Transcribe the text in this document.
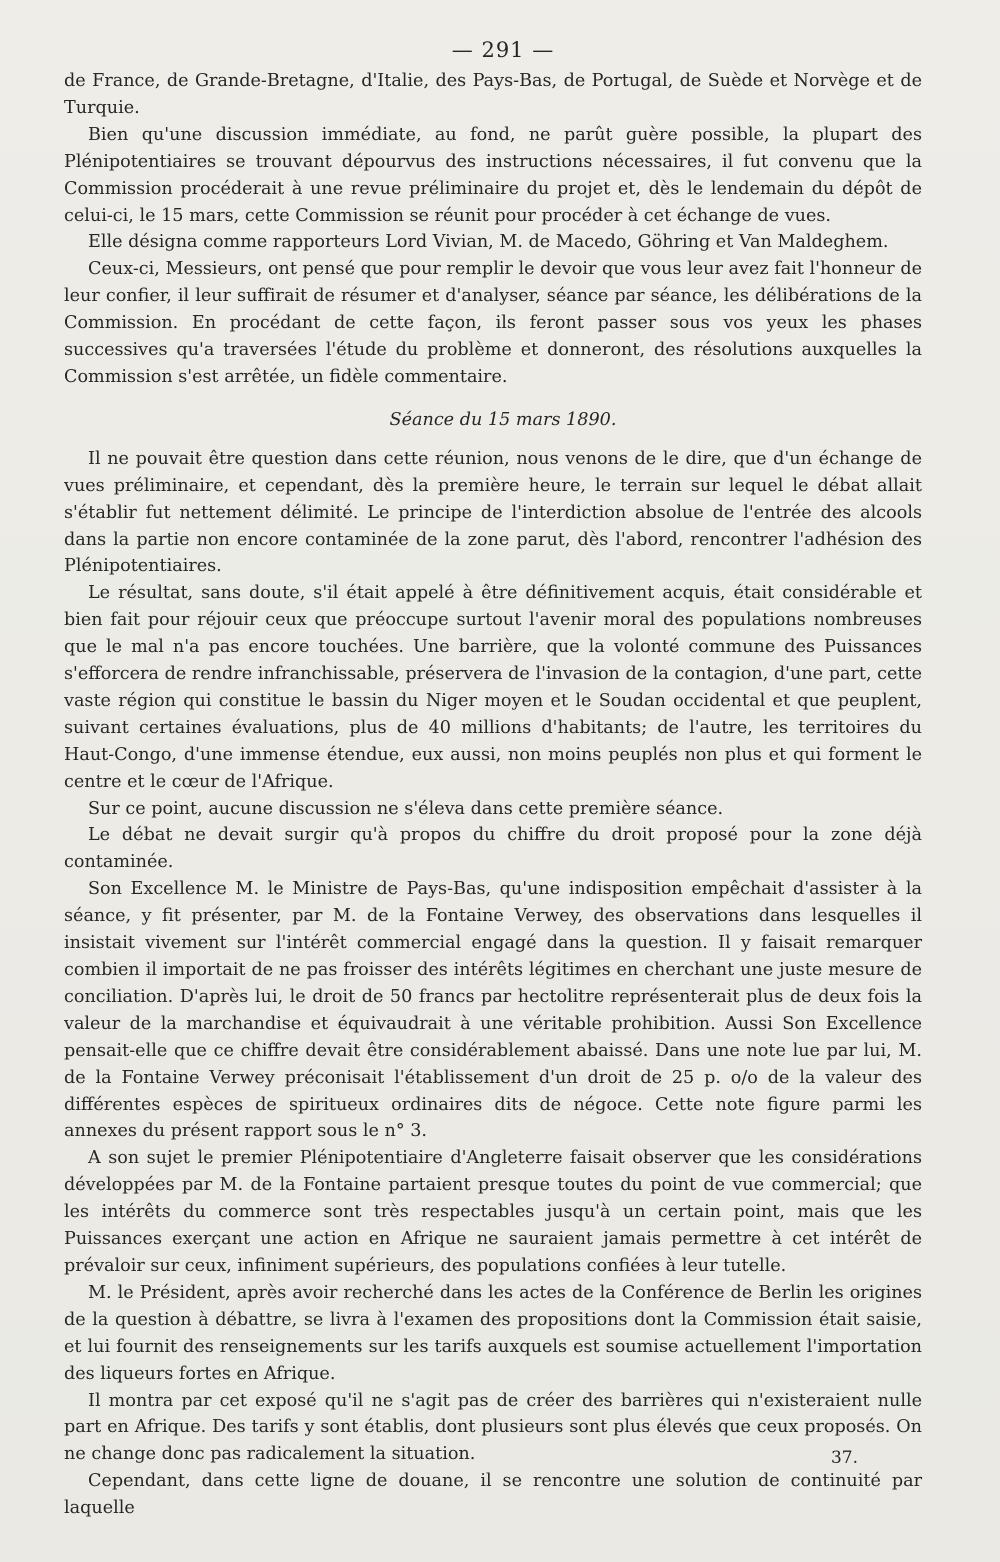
— 291 —

de France, de Grande-Bretagne, d'Italie, des Pays-Bas, de Portugal, de Suède et Norvège et de Turquie.

Bien qu'une discussion immédiate, au fond, ne parût guère possible, la plupart des Plénipotentiaires se trouvant dépourvus des instructions nécessaires, il fut convenu que la Commission procéderait à une revue préliminaire du projet et, dès le lendemain du dépôt de celui-ci, le 15 mars, cette Commission se réunit pour procéder à cet échange de vues.

Elle désigna comme rapporteurs Lord Vivian, M. de Macedo, Göhring et Van Maldeghem.

Ceux-ci, Messieurs, ont pensé que pour remplir le devoir que vous leur avez fait l'honneur de leur confier, il leur suffirait de résumer et d'analyser, séance par séance, les délibérations de la Commission. En procédant de cette façon, ils feront passer sous vos yeux les phases successives qu'a traversées l'étude du problème et donneront, des résolutions auxquelles la Commission s'est arrêtée, un fidèle commentaire.

Séance du 15 mars 1890.

Il ne pouvait être question dans cette réunion, nous venons de le dire, que d'un échange de vues préliminaire, et cependant, dès la première heure, le terrain sur lequel le débat allait s'établir fut nettement délimité. Le principe de l'interdiction absolue de l'entrée des alcools dans la partie non encore contaminée de la zone parut, dès l'abord, rencontrer l'adhésion des Plénipotentiaires.

Le résultat, sans doute, s'il était appelé à être définitivement acquis, était considérable et bien fait pour réjouir ceux que préoccupe surtout l'avenir moral des populations nombreuses que le mal n'a pas encore touchées. Une barrière, que la volonté commune des Puissances s'efforcera de rendre infranchissable, préservera de l'invasion de la contagion, d'une part, cette vaste région qui constitue le bassin du Niger moyen et le Soudan occidental et que peuplent, suivant certaines évaluations, plus de 40 millions d'habitants; de l'autre, les territoires du Haut-Congo, d'une immense étendue, eux aussi, non moins peuplés non plus et qui forment le centre et le cœur de l'Afrique.

Sur ce point, aucune discussion ne s'éleva dans cette première séance.

Le débat ne devait surgir qu'à propos du chiffre du droit proposé pour la zone déjà contaminée.

Son Excellence M. le Ministre de Pays-Bas, qu'une indisposition empêchait d'assister à la séance, y fit présenter, par M. de la Fontaine Verwey, des observations dans lesquelles il insistait vivement sur l'intérêt commercial engagé dans la question. Il y faisait remarquer combien il importait de ne pas froisser des intérêts légitimes en cherchant une juste mesure de conciliation. D'après lui, le droit de 50 francs par hectolitre représenterait plus de deux fois la valeur de la marchandise et équivaudrait à une véritable prohibition. Aussi Son Excellence pensait-elle que ce chiffre devait être considérablement abaissé. Dans une note lue par lui, M. de la Fontaine Verwey préconisait l'établissement d'un droit de 25 p. o/o de la valeur des différentes espèces de spiritueux ordinaires dits de négoce. Cette note figure parmi les annexes du présent rapport sous le n° 3.

A son sujet le premier Plénipotentiaire d'Angleterre faisait observer que les considérations développées par M. de la Fontaine partaient presque toutes du point de vue commercial; que les intérêts du commerce sont très respectables jusqu'à un certain point, mais que les Puissances exerçant une action en Afrique ne sauraient jamais permettre à cet intérêt de prévaloir sur ceux, infiniment supérieurs, des populations confiées à leur tutelle.

M. le Président, après avoir recherché dans les actes de la Conférence de Berlin les origines de la question à débattre, se livra à l'examen des propositions dont la Commission était saisie, et lui fournit des renseignements sur les tarifs auxquels est soumise actuellement l'importation des liqueurs fortes en Afrique.

Il montra par cet exposé qu'il ne s'agit pas de créer des barrières qui n'existeraient nulle part en Afrique. Des tarifs y sont établis, dont plusieurs sont plus élevés que ceux proposés. On ne change donc pas radicalement la situation.

Cependant, dans cette ligne de douane, il se rencontre une solution de continuité par laquelle

37.
